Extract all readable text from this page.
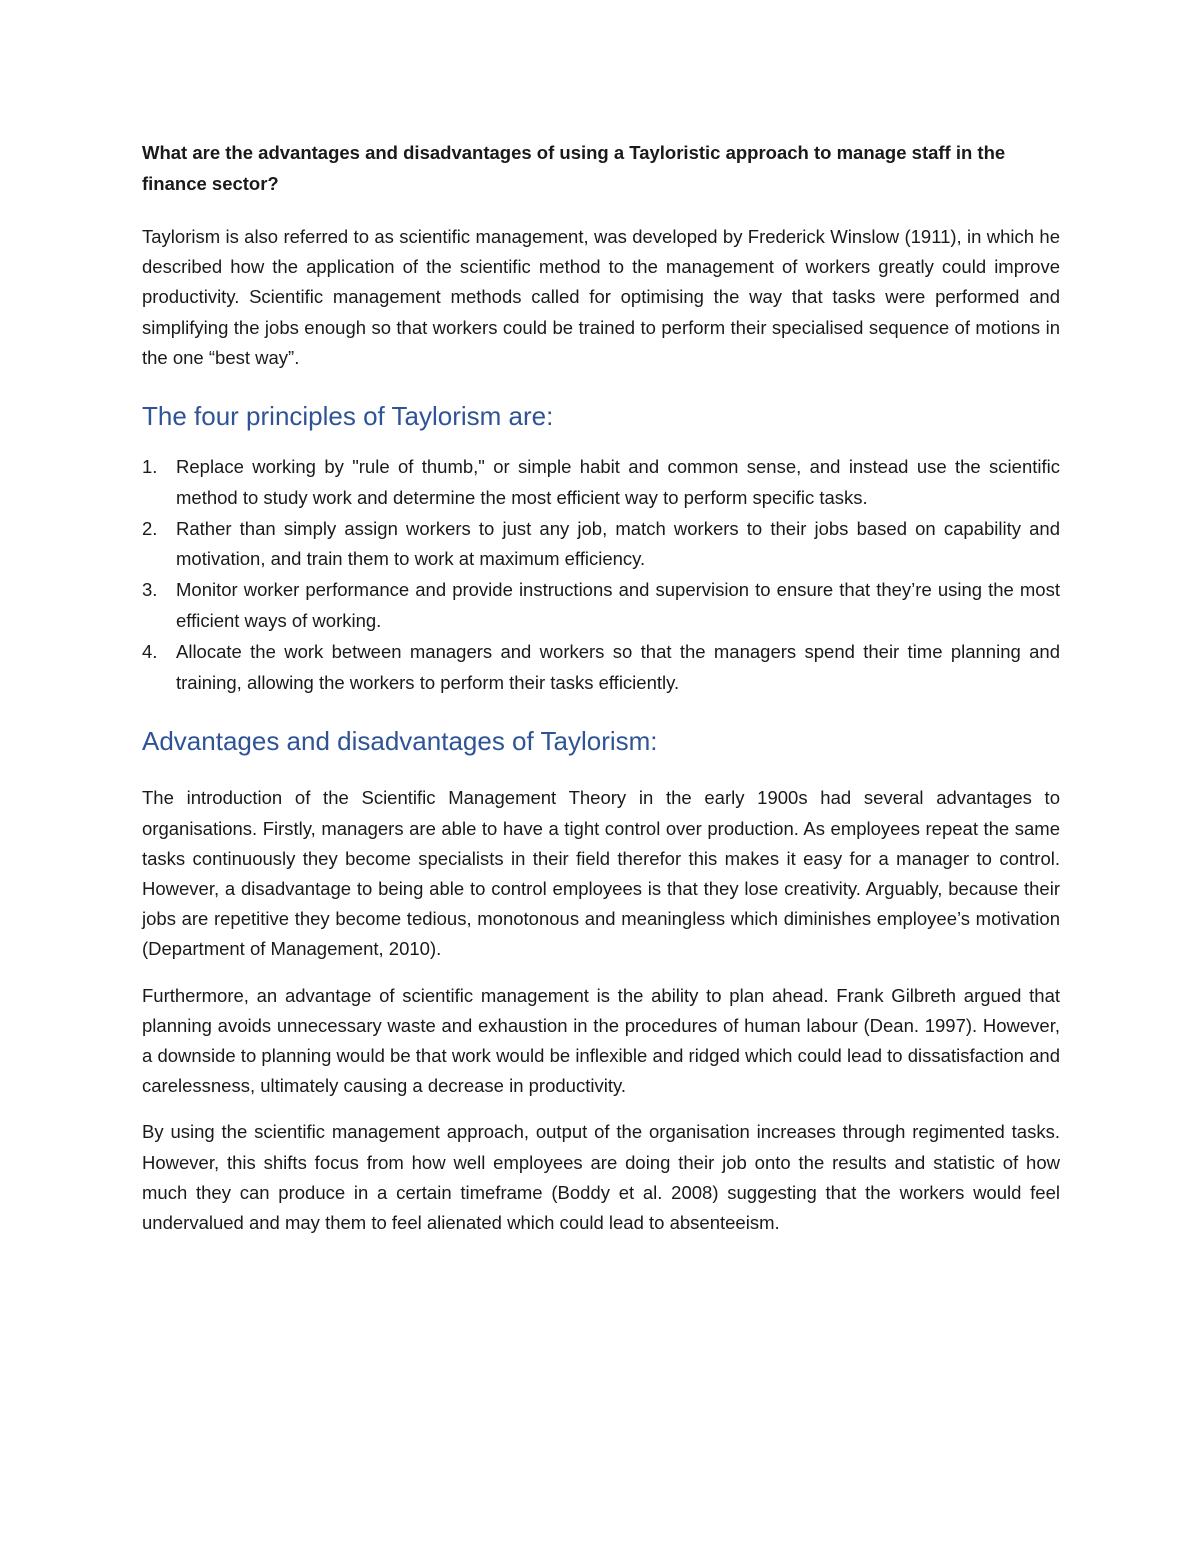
What are the advantages and disadvantages of using a Tayloristic approach to manage staff in the finance sector?

Taylorism is also referred to as scientific management, was developed by Frederick Winslow (1911), in which he described how the application of the scientific method to the management of workers greatly could improve productivity. Scientific management methods called for optimising the way that tasks were performed and simplifying the jobs enough so that workers could be trained to perform their specialised sequence of motions in the one “best way”.

The four principles of Taylorism are:
1. Replace working by "rule of thumb," or simple habit and common sense, and instead use the scientific method to study work and determine the most efficient way to perform specific tasks.
2. Rather than simply assign workers to just any job, match workers to their jobs based on capability and motivation, and train them to work at maximum efficiency.
3. Monitor worker performance and provide instructions and supervision to ensure that they’re using the most efficient ways of working.
4. Allocate the work between managers and workers so that the managers spend their time planning and training, allowing the workers to perform their tasks efficiently.
Advantages and disadvantages of Taylorism:

The introduction of the Scientific Management Theory in the early 1900s had several advantages to organisations. Firstly, managers are able to have a tight control over production. As employees repeat the same tasks continuously they become specialists in their field therefor this makes it easy for a manager to control. However, a disadvantage to being able to control employees is that they lose creativity. Arguably, because their jobs are repetitive they become tedious, monotonous and meaningless which diminishes employee’s motivation (Department of Management, 2010).

Furthermore, an advantage of scientific management is the ability to plan ahead. Frank Gilbreth argued that planning avoids unnecessary waste and exhaustion in the procedures of human labour (Dean. 1997). However, a downside to planning would be that work would be inflexible and ridged which could lead to dissatisfaction and carelessness, ultimately causing a decrease in productivity.

By using the scientific management approach, output of the organisation increases through regimented tasks. However, this shifts focus from how well employees are doing their job onto the results and statistic of how much they can produce in a certain timeframe (Boddy et al. 2008) suggesting that the workers would feel undervalued and may them to feel alienated which could lead to absenteeism.
